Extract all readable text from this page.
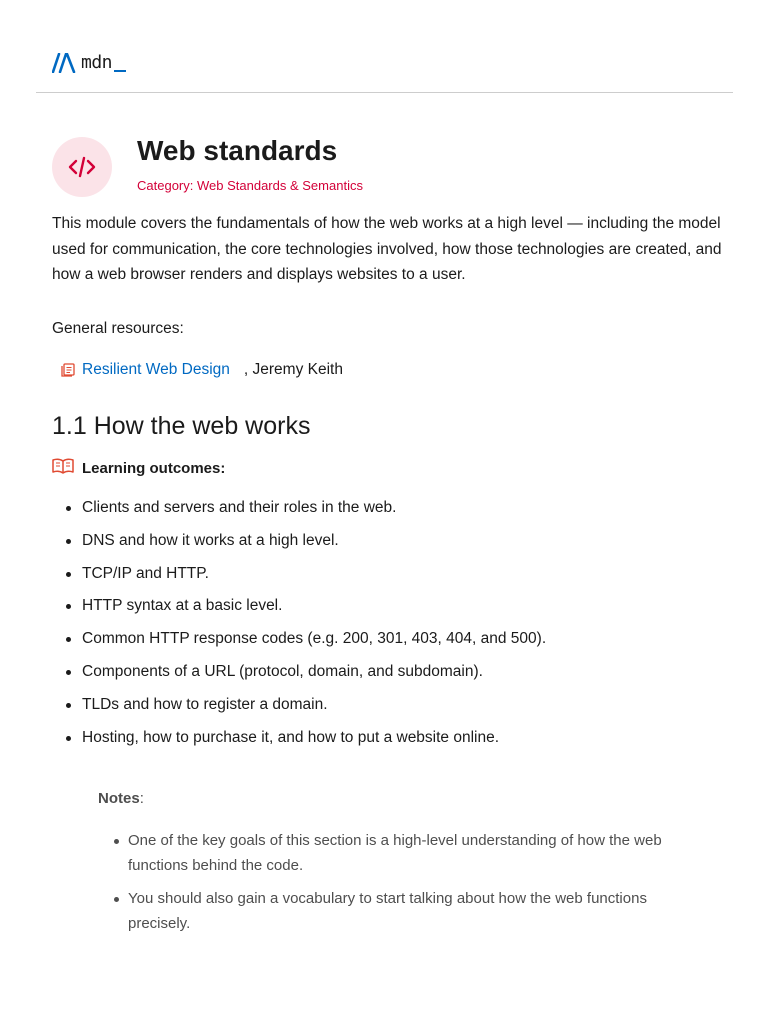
mdn
Web standards
Category: Web Standards & Semantics

This module covers the fundamentals of how the web works at a high level — including the model used for communication, the core technologies involved, how those technologies are created, and how a web browser renders and displays websites to a user.

General resources:

Resilient Web Design , Jeremy Keith
1.1 How the web works
Learning outcomes:
Clients and servers and their roles in the web.
DNS and how it works at a high level.
TCP/IP and HTTP.
HTTP syntax at a basic level.
Common HTTP response codes (e.g. 200, 301, 403, 404, and 500).
Components of a URL (protocol, domain, and subdomain).
TLDs and how to register a domain.
Hosting, how to purchase it, and how to put a website online.

Notes:

One of the key goals of this section is a high-level understanding of how the web functions behind the code.
You should also gain a vocabulary to start talking about how the web functions precisely.
